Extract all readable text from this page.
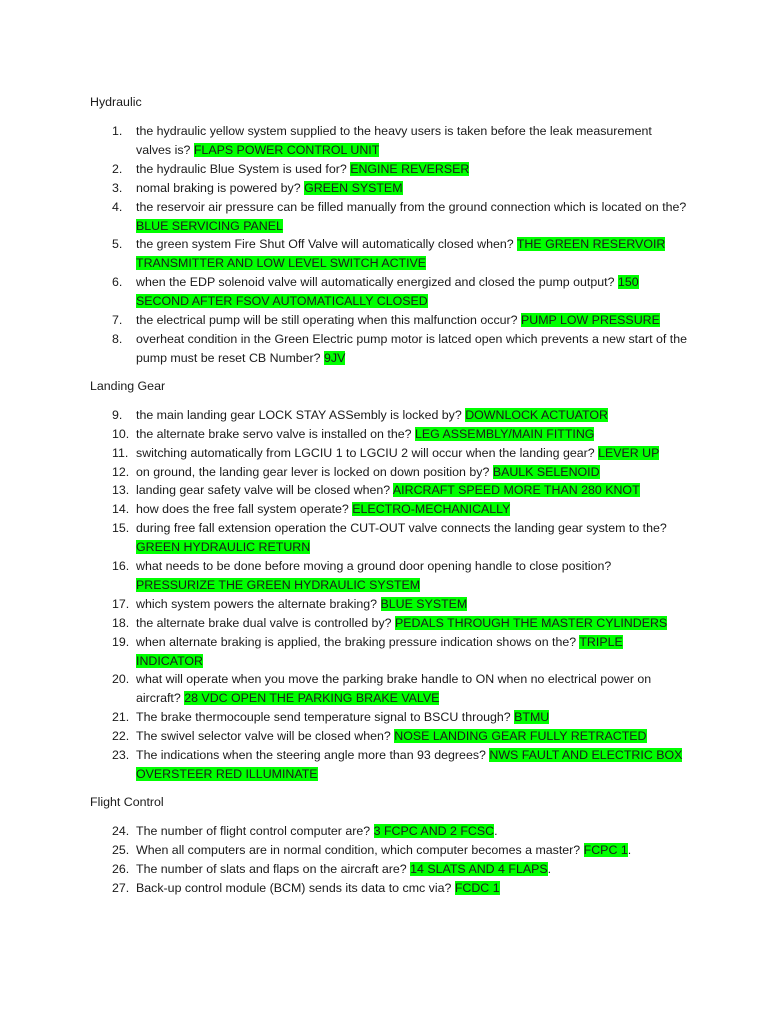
Hydraulic
1. the hydraulic yellow system supplied to the heavy users is taken before the leak measurement valves is? FLAPS POWER CONTROL UNIT
2. the hydraulic Blue System is used for? ENGINE REVERSER
3. nomal braking is powered by? GREEN SYSTEM
4. the reservoir air pressure can be filled manually from the ground connection which is located on the? BLUE SERVICING PANEL
5. the green system Fire Shut Off Valve will automatically closed when? THE GREEN RESERVOIR TRANSMITTER AND LOW LEVEL SWITCH ACTIVE
6. when the EDP solenoid valve will automatically energized and closed the pump output? 150 SECOND AFTER FSOV AUTOMATICALLY CLOSED
7. the electrical pump will be still operating when this malfunction occur? PUMP LOW PRESSURE
8. overheat condition in the Green Electric pump motor is latced open which prevents a new start of the pump must be reset CB Number? 9JV
Landing Gear
9. the main landing gear LOCK STAY ASSembly is locked by? DOWNLOCK ACTUATOR
10. the alternate brake servo valve is installed on the? LEG ASSEMBLY/MAIN FITTING
11. switching automatically from LGCIU 1 to LGCIU 2 will occur when the landing gear? LEVER UP
12. on ground, the landing gear lever is locked on down position by? BAULK SELENOID
13. landing gear safety valve will be closed when? AIRCRAFT SPEED MORE THAN 280 KNOT
14. how does the free fall system operate? ELECTRO-MECHANICALLY
15. during free fall extension operation the CUT-OUT valve connects the landing gear system to the? GREEN HYDRAULIC RETURN
16. what needs to be done before moving a ground door opening handle to close position? PRESSURIZE THE GREEN HYDRAULIC SYSTEM
17. which system powers the alternate braking? BLUE SYSTEM
18. the alternate brake dual valve is controlled by? PEDALS THROUGH THE MASTER CYLINDERS
19. when alternate braking is applied, the braking pressure indication shows on the? TRIPLE INDICATOR
20. what will operate when you move the parking brake handle to ON when no electrical power on aircraft? 28 VDC OPEN THE PARKING BRAKE VALVE
21. The brake thermocouple send temperature signal to BSCU through? BTMU
22. The swivel selector valve will be closed when? NOSE LANDING GEAR FULLY RETRACTED
23. The indications when the steering angle more than 93 degrees? NWS FAULT AND ELECTRIC BOX OVERSTEER RED ILLUMINATE
Flight Control
24. The number of flight control computer are? 3 FCPC AND 2 FCSC.
25. When all computers are in normal condition, which computer becomes a master? FCPC 1.
26. The number of slats and flaps on the aircraft are? 14 SLATS AND 4 FLAPS.
27. Back-up control module (BCM) sends its data to cmc via? FCDC 1
